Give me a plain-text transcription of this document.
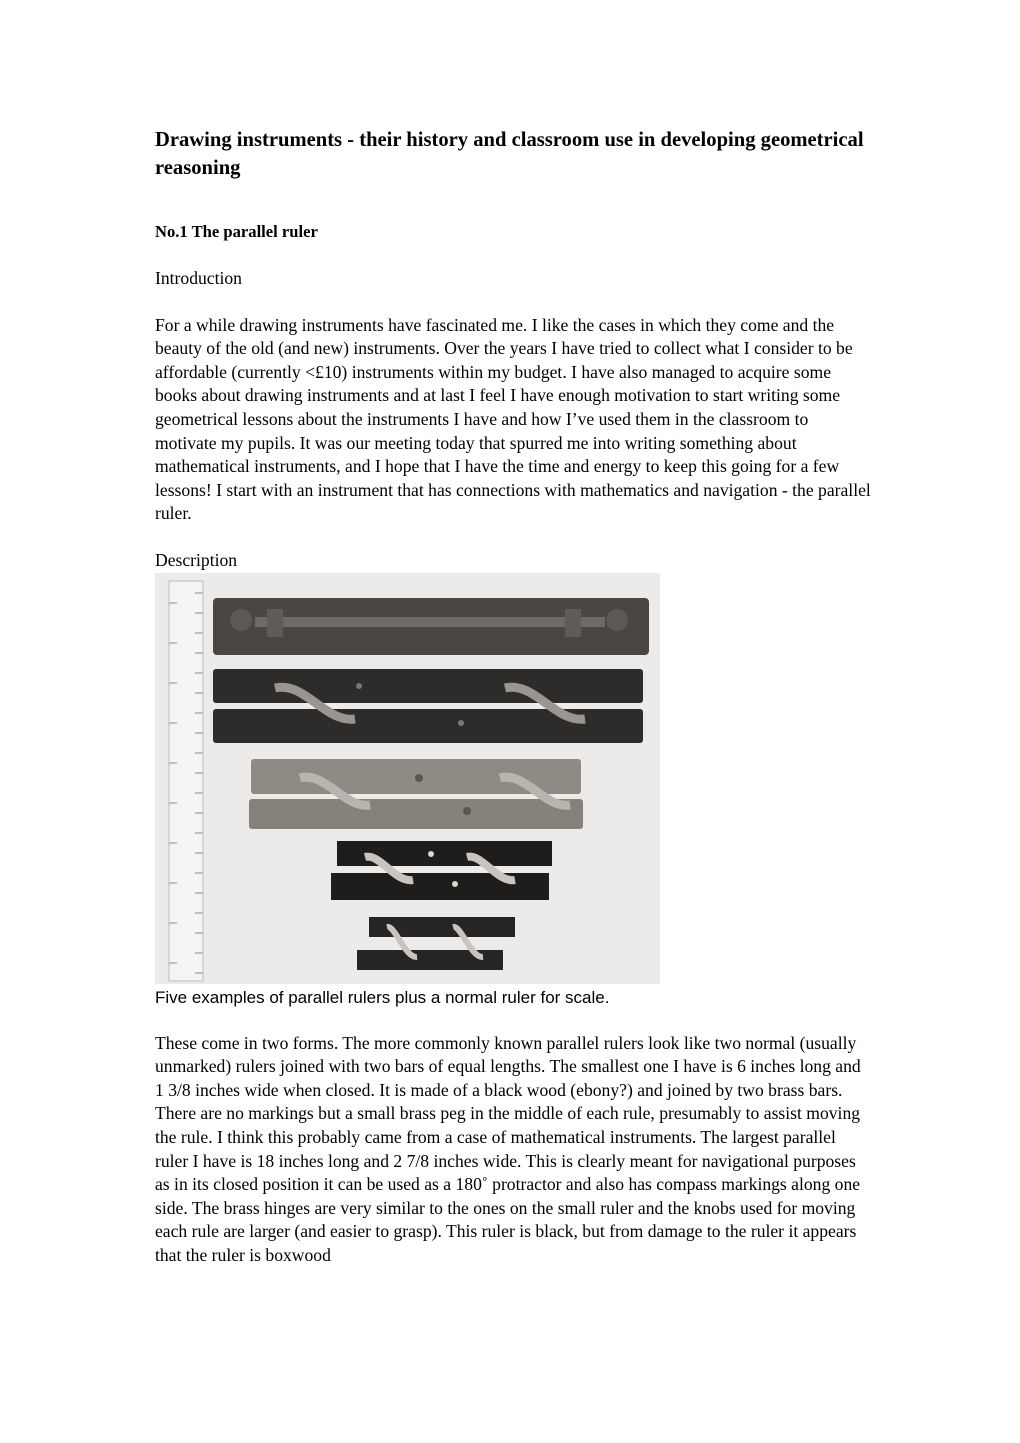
Drawing instruments - their history and classroom use in developing geometrical reasoning
No.1 The parallel ruler
Introduction

For a while drawing instruments have fascinated me. I like the cases in which they come and the beauty of the old (and new) instruments. Over the years I have tried to collect what I consider to be affordable (currently <£10) instruments within my budget. I have also managed to acquire some books about drawing instruments and at last I feel I have enough motivation to start writing some geometrical lessons about the instruments I have and how I’ve used them in the classroom to motivate my pupils. It was our meeting today that spurred me into writing something about mathematical instruments, and I hope that I have the time and energy to keep this going for a few lessons! I start with an instrument that has connections with mathematics and navigation - the parallel ruler.

Description
Five examples of parallel rulers plus a normal ruler for scale.

These come in two forms. The more commonly known parallel rulers look like two normal (usually unmarked) rulers joined with two bars of equal lengths. The smallest one I have is 6 inches long and 1 3/8 inches wide when closed. It is made of a black wood (ebony?) and joined by two brass bars. There are no markings but a small brass peg in the middle of each rule, presumably to assist moving the rule. I think this probably came from a case of mathematical instruments. The largest parallel ruler I have is 18 inches long and 2 7/8 inches wide. This is clearly meant for navigational purposes as in its closed position it can be used as a 180˚ protractor and also has compass markings along one side. The brass hinges are very similar to the ones on the small ruler and the knobs used for moving each rule are larger (and easier to grasp). This ruler is black, but from damage to the ruler it appears that the ruler is boxwood
